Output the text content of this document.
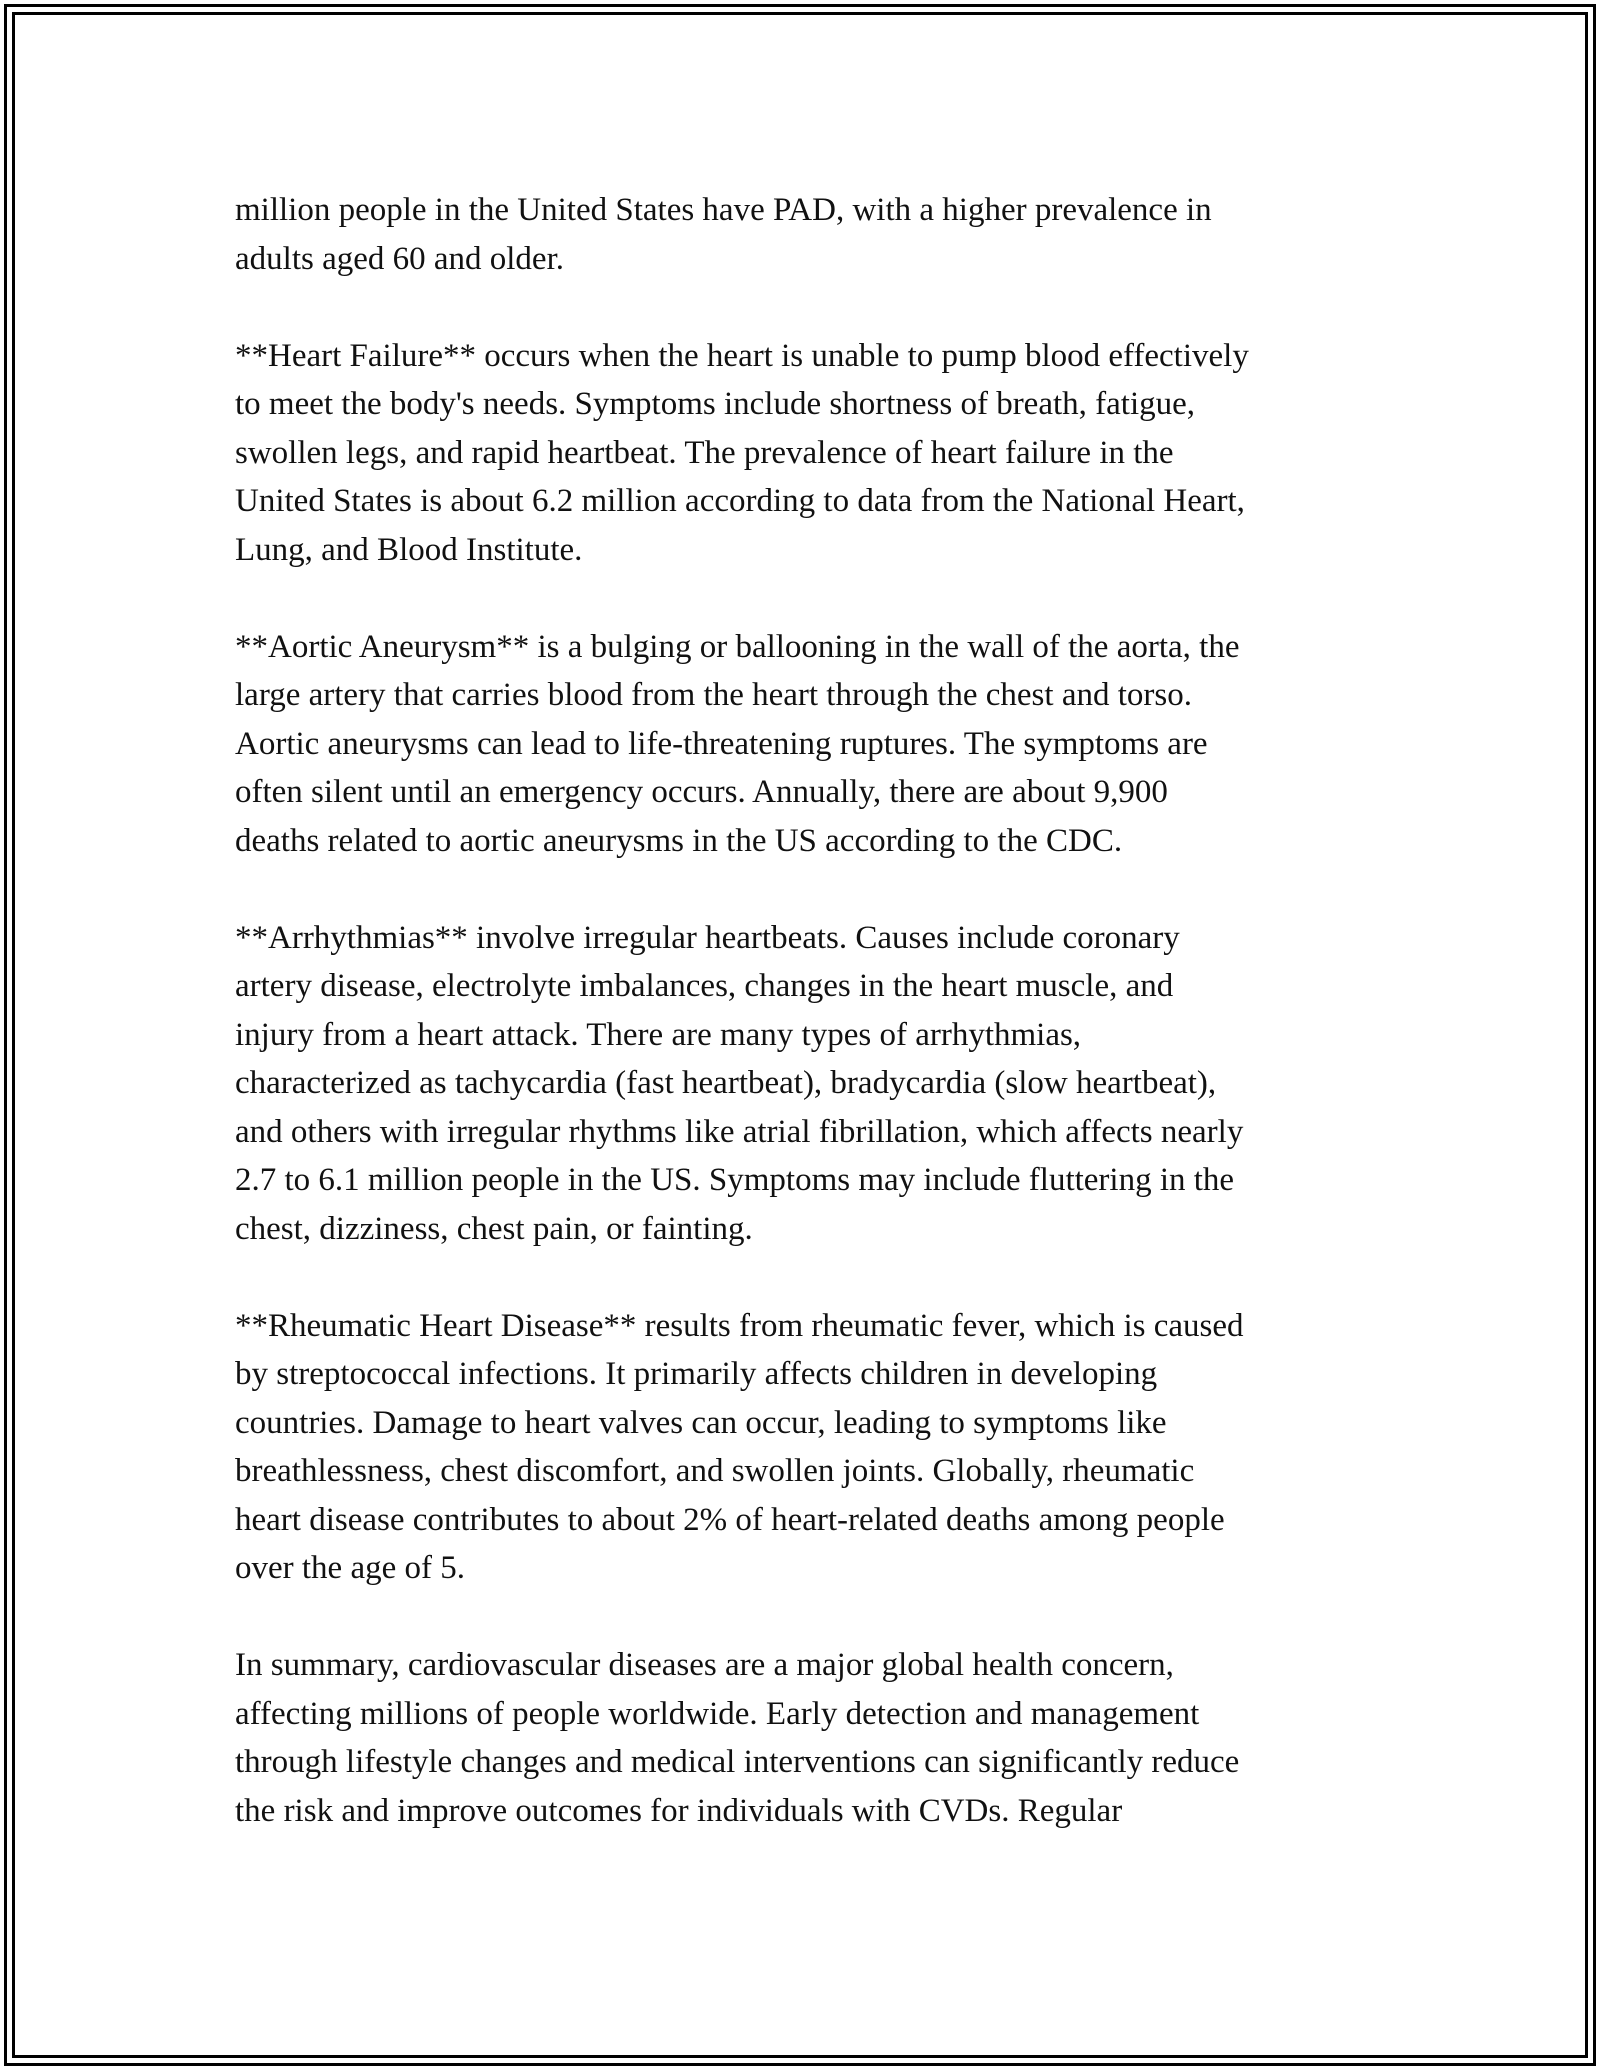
million people in the United States have PAD, with a higher prevalence in
adults aged 60 and older.

**Heart Failure** occurs when the heart is unable to pump blood effectively
to meet the body's needs. Symptoms include shortness of breath, fatigue,
swollen legs, and rapid heartbeat. The prevalence of heart failure in the
United States is about 6.2 million according to data from the National Heart,
Lung, and Blood Institute.

**Aortic Aneurysm** is a bulging or ballooning in the wall of the aorta, the
large artery that carries blood from the heart through the chest and torso.
Aortic aneurysms can lead to life-threatening ruptures. The symptoms are
often silent until an emergency occurs. Annually, there are about 9,900
deaths related to aortic aneurysms in the US according to the CDC.

**Arrhythmias** involve irregular heartbeats. Causes include coronary
artery disease, electrolyte imbalances, changes in the heart muscle, and
injury from a heart attack. There are many types of arrhythmias,
characterized as tachycardia (fast heartbeat), bradycardia (slow heartbeat),
and others with irregular rhythms like atrial fibrillation, which affects nearly
2.7 to 6.1 million people in the US. Symptoms may include fluttering in the
chest, dizziness, chest pain, or fainting.

**Rheumatic Heart Disease** results from rheumatic fever, which is caused
by streptococcal infections. It primarily affects children in developing
countries. Damage to heart valves can occur, leading to symptoms like
breathlessness, chest discomfort, and swollen joints. Globally, rheumatic
heart disease contributes to about 2% of heart-related deaths among people
over the age of 5.

In summary, cardiovascular diseases are a major global health concern,
affecting millions of people worldwide. Early detection and management
through lifestyle changes and medical interventions can significantly reduce
the risk and improve outcomes for individuals with CVDs. Regular
